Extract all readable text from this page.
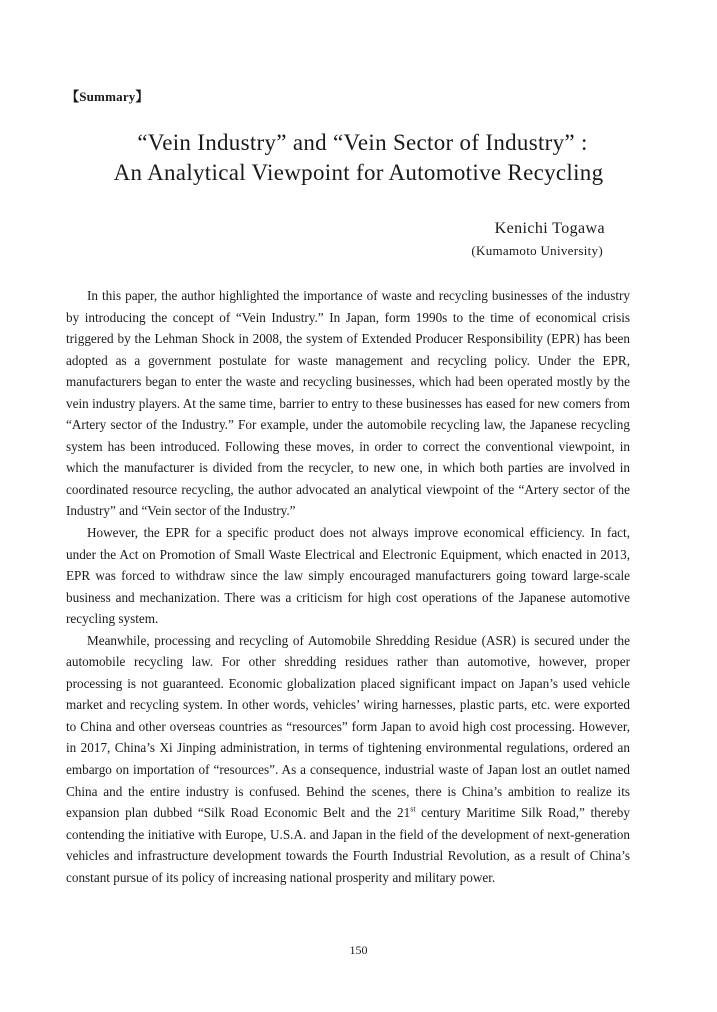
【Summary】
“Vein Industry” and “Vein Sector of Industry” :
An Analytical Viewpoint for Automotive Recycling
Kenichi Togawa
(Kumamoto University)

In this paper, the author highlighted the importance of waste and recycling businesses of the industry by introducing the concept of “Vein Industry.” In Japan, form 1990s to the time of economical crisis triggered by the Lehman Shock in 2008, the system of Extended Producer Responsibility (EPR) has been adopted as a government postulate for waste management and recycling policy. Under the EPR, manufacturers began to enter the waste and recycling businesses, which had been operated mostly by the vein industry players. At the same time, barrier to entry to these businesses has eased for new comers from “Artery sector of the Industry.” For example, under the automobile recycling law, the Japanese recycling system has been introduced. Following these moves, in order to correct the conventional viewpoint, in which the manufacturer is divided from the recycler, to new one, in which both parties are involved in coordinated resource recycling, the author advocated an analytical viewpoint of the “Artery sector of the Industry” and “Vein sector of the Industry.”

However, the EPR for a specific product does not always improve economical efficiency. In fact, under the Act on Promotion of Small Waste Electrical and Electronic Equipment, which enacted in 2013, EPR was forced to withdraw since the law simply encouraged manufacturers going toward large-scale business and mechanization. There was a criticism for high cost operations of the Japanese automotive recycling system.

Meanwhile, processing and recycling of Automobile Shredding Residue (ASR) is secured under the automobile recycling law. For other shredding residues rather than automotive, however, proper processing is not guaranteed. Economic globalization placed significant impact on Japan’s used vehicle market and recycling system. In other words, vehicles’ wiring harnesses, plastic parts, etc. were exported to China and other overseas countries as “resources” form Japan to avoid high cost processing. However, in 2017, China’s Xi Jinping administration, in terms of tightening environmental regulations, ordered an embargo on importation of “resources”. As a consequence, industrial waste of Japan lost an outlet named China and the entire industry is confused. Behind the scenes, there is China’s ambition to realize its expansion plan dubbed “Silk Road Economic Belt and the 21st century Maritime Silk Road,” thereby contending the initiative with Europe, U.S.A. and Japan in the field of the development of next-generation vehicles and infrastructure development towards the Fourth Industrial Revolution, as a result of China’s constant pursue of its policy of increasing national prosperity and military power.

150
